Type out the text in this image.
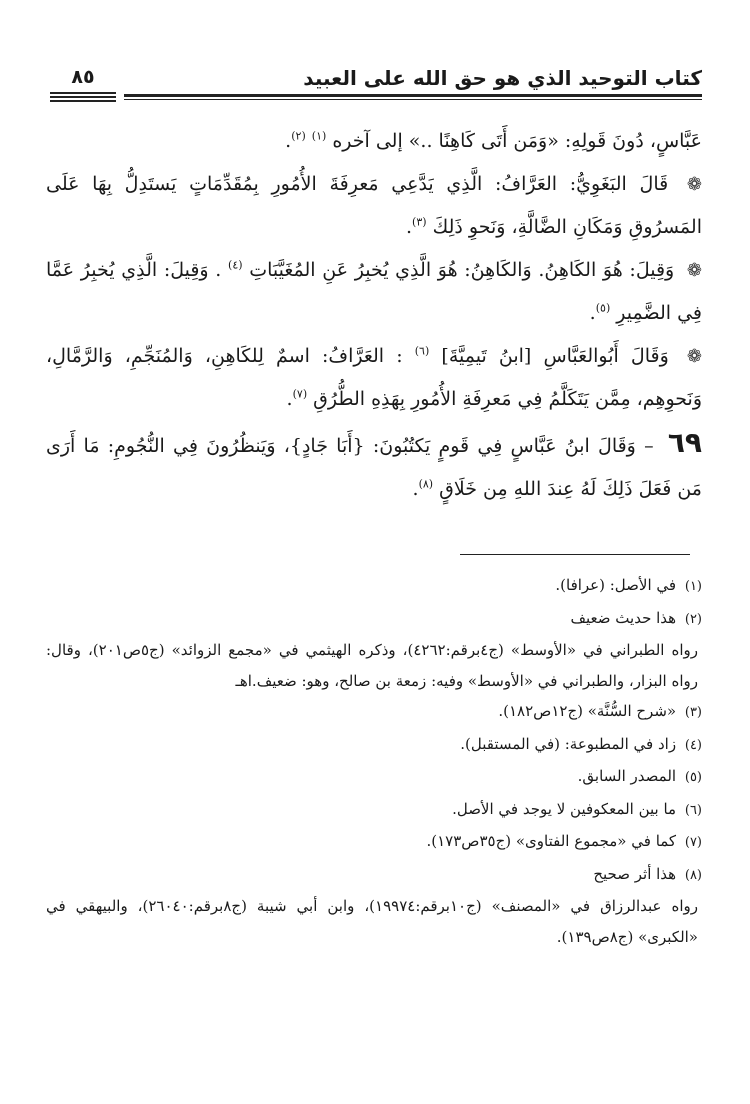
كتاب التوحيد الذي هو حق الله على العبيد
٨٥

عَبَّاسٍ، دُونَ قَولِهِ: «وَمَن أَتَى كَاهِنًا ..» إلى آخره $^{(١)}$ $^{(٢)}$.

❁ قَالَ البَغَوِيُّ: العَرَّافُ: الَّذِي يَدَّعِي مَعرِفَةَ الأُمُورِ بِمُقَدِّمَاتٍ يَستَدِلُّ بِهَا عَلَى المَسرُوقِ وَمَكَانِ الضَّالَّةِ، وَنَحوِ ذَلِكَ $^{(٣)}$.

❁ وَقِيلَ: هُوَ الكَاهِنُ. وَالكَاهِنُ: هُوَ الَّذِي يُخبِرُ عَنِ المُغَيَّبَاتِ $^{(٤)}$ . وَقِيلَ: الَّذِي يُخبِرُ عَمَّا فِي الضَّمِيرِ $^{(٥)}$.

❁ وَقَالَ أَبُوالعَبَّاسِ [ابنُ تَيمِيَّةَ] $^{(٦)}$ : العَرَّافُ: اسمٌ لِلكَاهِنِ، وَالمُنَجِّمِ، وَالرَّمَّالِ، وَنَحوِهِم، مِمَّن يَتَكَلَّمُ فِي مَعرِفَةِ الأُمُورِ بِهَذِهِ الطُّرُقِ $^{(٧)}$.

٦٩ – وَقَالَ ابنُ عَبَّاسٍ فِي قَومٍ يَكتُبُونَ: {أَبَا جَادٍ}، وَيَنظُرُونَ فِي النُّجُومِ: مَا أَرَى مَن فَعَلَ ذَلِكَ لَهُ عِندَ اللهِ مِن خَلَاقٍ $^{(٨)}$.

(١) في الأصل: (عرافا).

(٢) هذا حديث ضعيف

رواه الطبراني في «الأوسط» (ج٤برقم:٤٢٦٢)، وذكره الهيثمي في «مجمع الزوائد» (ج٥ص٢٠١)، وقال: رواه البزار، والطبراني في «الأوسط» وفيه: زمعة بن صالح، وهو: ضعيف.اهـ

(٣) «شرح السُّنَّة» (ج١٢ص١٨٢).

(٤) زاد في المطبوعة: (في المستقبل).

(٥) المصدر السابق.

(٦) ما بين المعكوفين لا يوجد في الأصل.

(٧) كما في «مجموع الفتاوى» (ج٣٥ص١٧٣).

(٨) هذا أثر صحيح

رواه عبدالرزاق في «المصنف» (ج١٠برقم:١٩٩٧٤)، وابن أبي شيبة (ج٨برقم:٢٦٠٤٠)، والبيهقي في «الكبرى» (ج٨ص١٣٩).
